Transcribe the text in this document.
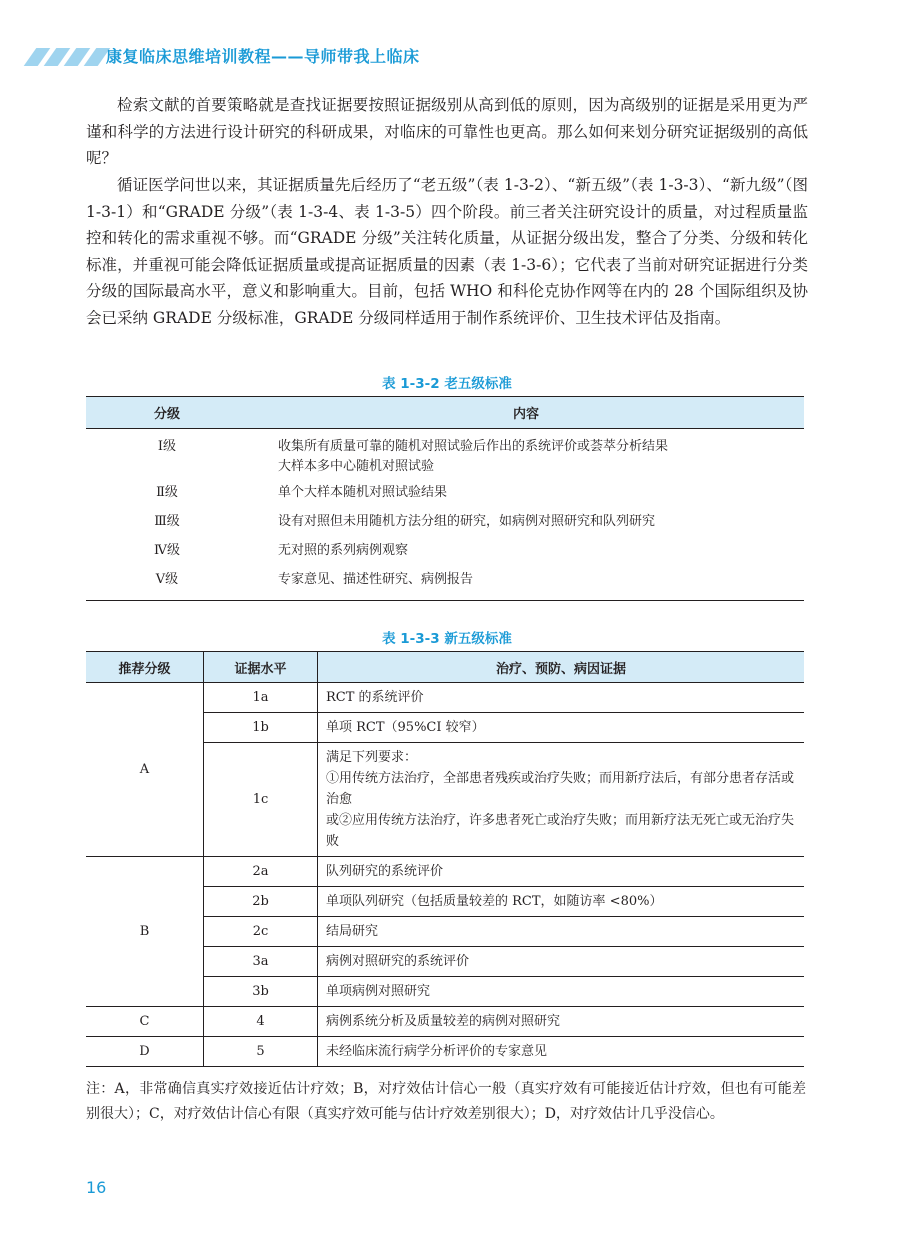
康复临床思维培训教程——导师带我上临床

检索文献的首要策略就是查找证据要按照证据级别从高到低的原则，因为高级别的证据是采用更为严谨和科学的方法进行设计研究的科研成果，对临床的可靠性也更高。那么如何来划分研究证据级别的高低呢？

循证医学问世以来，其证据质量先后经历了“老五级”（表 1-3-2）、“新五级”（表 1-3-3）、“新九级”（图 1-3-1）和“GRADE 分级”（表 1-3-4、表 1-3-5）四个阶段。前三者关注研究设计的质量，对过程质量监控和转化的需求重视不够。而“GRADE 分级”关注转化质量，从证据分级出发，整合了分类、分级和转化标准，并重视可能会降低证据质量或提高证据质量的因素（表 1-3-6）；它代表了当前对研究证据进行分类分级的国际最高水平，意义和影响重大。目前，包括 WHO 和科伦克协作网等在内的 28 个国际组织及协会已采纳 GRADE 分级标准，GRADE 分级同样适用于制作系统评价、卫生技术评估及指南。

表 1-3-2 老五级标准
分级	内容
Ⅰ级	收集所有质量可靠的随机对照试验后作出的系统评价或荟萃分析结果
大样本多中心随机对照试验

Ⅱ级	单个大样本随机对照试验结果
Ⅲ级	设有对照但未用随机方法分组的研究，如病例对照研究和队列研究
Ⅳ级	无对照的系列病例观察
Ⅴ级	专家意见、描述性研究、病例报告
表 1-3-3 新五级标准
推荐分级	证据水平	治疗、预防、病因证据
A	1a	RCT 的系统评价
	1b	单项 RCT（95%CI 较窄）
	1c	满足下列要求：
①用传统方法治疗，全部患者残疾或治疗失败；而用新疗法后，有部分患者存活或治愈
或②应用传统方法治疗，许多患者死亡或治疗失败；而用新疗法无死亡或无治疗失败

B	2a	队列研究的系统评价
	2b	单项队列研究（包括质量较差的 RCT，如随访率 <80%）
	2c	结局研究
	3a	病例对照研究的系统评价
	3b	单项病例对照研究
C	4	病例系统分析及质量较差的病例对照研究
D	5	未经临床流行病学分析评价的专家意见

注：A，非常确信真实疗效接近估计疗效；B，对疗效估计信心一般（真实疗效有可能接近估计疗效，但也有可能差别很大）；C，对疗效估计信心有限（真实疗效可能与估计疗效差别很大）；D，对疗效估计几乎没信心。

16
